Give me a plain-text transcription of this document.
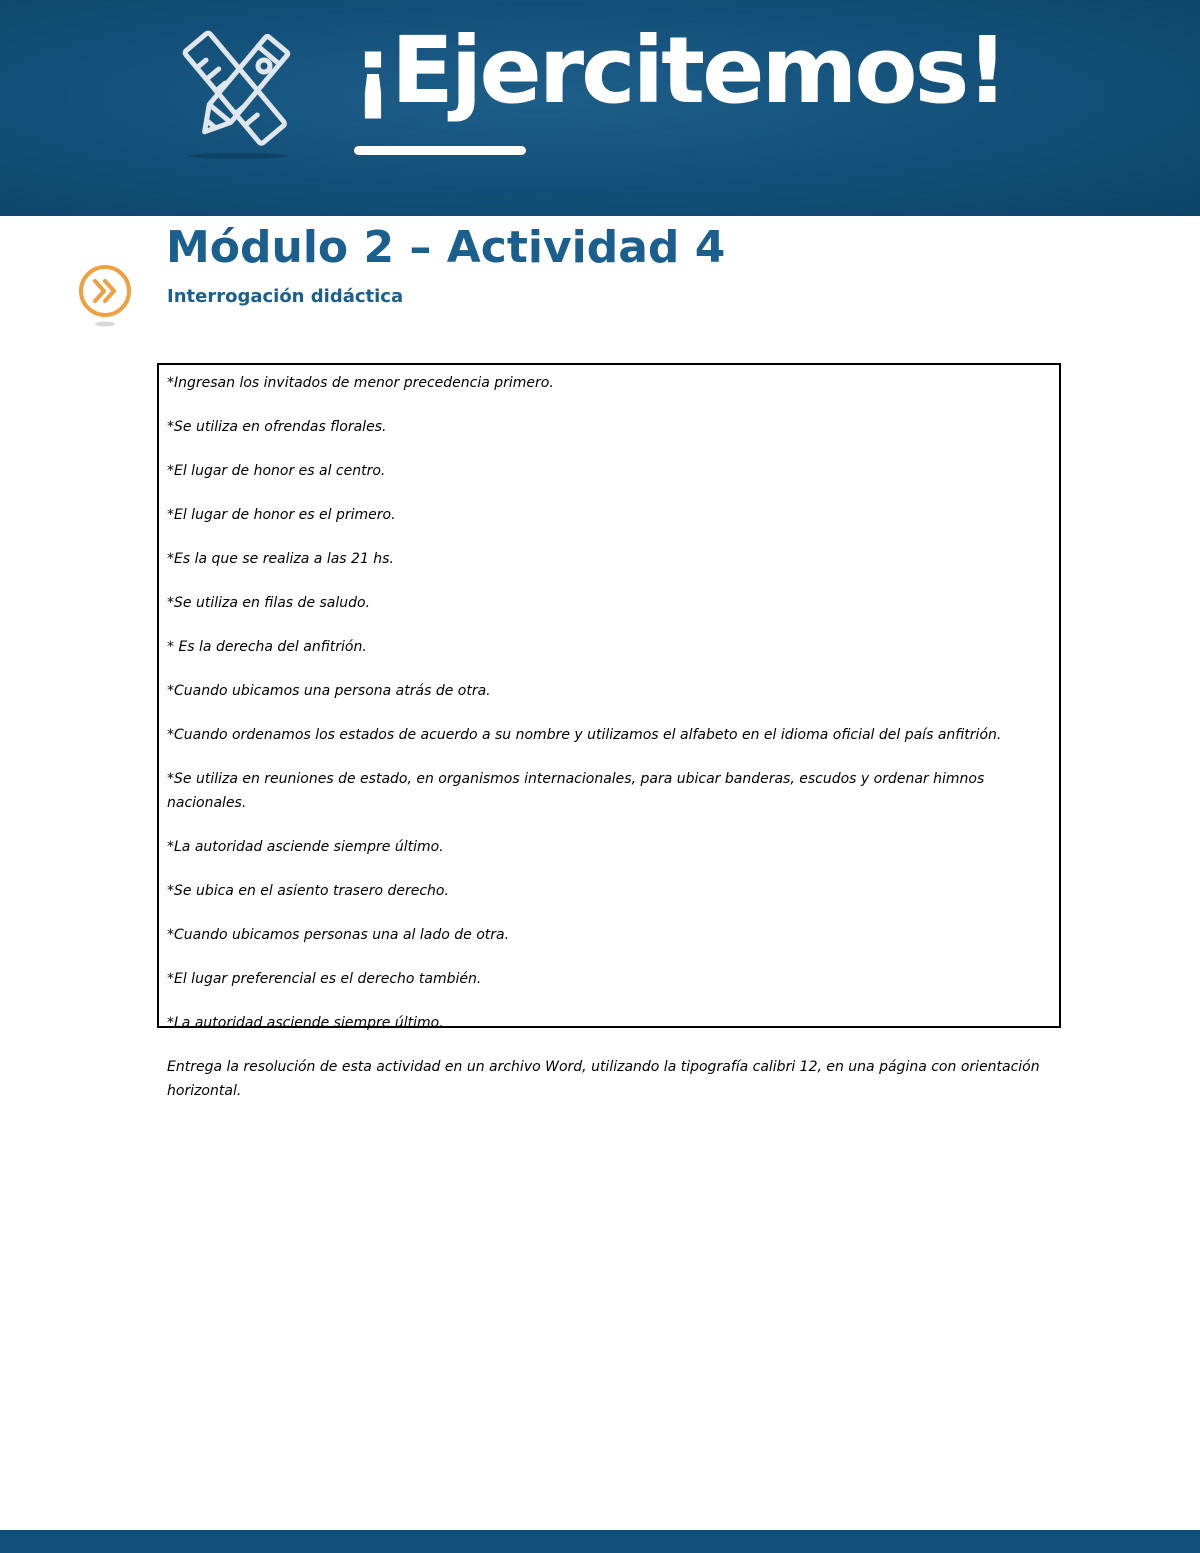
¡Ejercitemos!
Módulo 2 – Actividad 4
Interrogación didáctica

*Ingresan los invitados de menor precedencia primero.

*Se utiliza en ofrendas florales.

*El lugar de honor es al centro.

*El lugar de honor es el primero.

*Es la que se realiza a las 21 hs.

*Se utiliza en filas de saludo.

* Es la derecha del anfitrión.

*Cuando ubicamos una persona atrás de otra.

*Cuando ordenamos los estados de acuerdo a su nombre y utilizamos el alfabeto en el idioma oficial del país anfitrión.

*Se utiliza en reuniones de estado, en organismos internacionales, para ubicar banderas, escudos y ordenar himnos nacionales.

*La autoridad asciende siempre último.

*Se ubica en el asiento trasero derecho.

*Cuando ubicamos personas una al lado de otra.

*El lugar preferencial es el derecho también.

*La autoridad asciende siempre último.

Entrega la resolución de esta actividad en un archivo Word, utilizando la tipografía calibri 12, en una página con orientación horizontal.
